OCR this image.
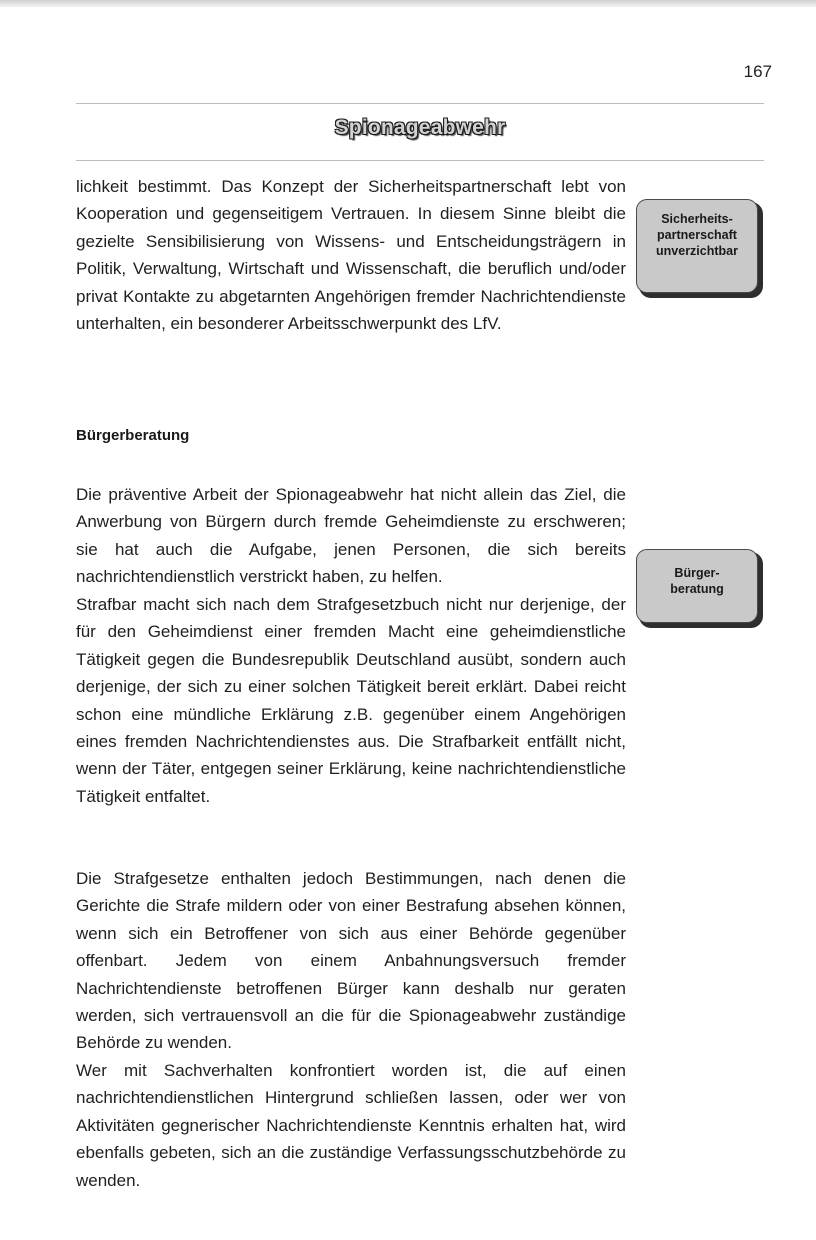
167
Spionageabwehr

lichkeit bestimmt. Das Konzept der Sicherheitspartnerschaft lebt von Kooperation und gegenseitigem Vertrauen. In diesem Sinne bleibt die gezielte Sensibilisierung von Wissens- und Entscheidungsträgern in Politik, Verwaltung, Wirtschaft und Wissenschaft, die beruflich und/oder privat Kontakte zu abgetarnten Angehörigen fremder Nachrichtendienste unterhalten, ein besonderer Arbeitsschwerpunkt des LfV.

Sicherheits-
partnerschaft
unverzichtbar
Bürgerberatung

Die präventive Arbeit der Spionageabwehr hat nicht allein das Ziel, die Anwerbung von Bürgern durch fremde Geheimdienste zu erschweren; sie hat auch die Aufgabe, jenen Personen, die sich bereits nachrichtendienstlich verstrickt haben, zu helfen.	Bürger-
beratung

Strafbar macht sich nach dem Strafgesetzbuch nicht nur derjenige, der für den Geheimdienst einer fremden Macht eine geheimdienstliche Tätigkeit gegen die Bundesrepublik Deutschland ausübt, sondern auch derjenige, der sich zu einer solchen Tätigkeit bereit erklärt. Dabei reicht schon eine mündliche Erklärung z.B. gegenüber einem Angehörigen eines fremden Nachrichtendienstes aus. Die Strafbarkeit entfällt nicht, wenn der Täter, entgegen seiner Erklärung, keine nachrichtendienstliche Tätigkeit entfaltet.

Die Strafgesetze enthalten jedoch Bestimmungen, nach denen die Gerichte die Strafe mildern oder von einer Bestrafung absehen können, wenn sich ein Betroffener von sich aus einer Behörde gegenüber offenbart. Jedem von einem Anbahnungsversuch fremder Nachrichtendienste betroffenen Bürger kann deshalb nur geraten werden, sich vertrauensvoll an die für die Spionageabwehr zuständige Behörde zu wenden.

Wer mit Sachverhalten konfrontiert worden ist, die auf einen nachrichtendienstlichen Hintergrund schließen lassen, oder wer von Aktivitäten gegnerischer Nachrichtendienste Kenntnis erhalten hat, wird ebenfalls gebeten, sich an die zuständige Verfassungsschutzbehörde zu wenden.
